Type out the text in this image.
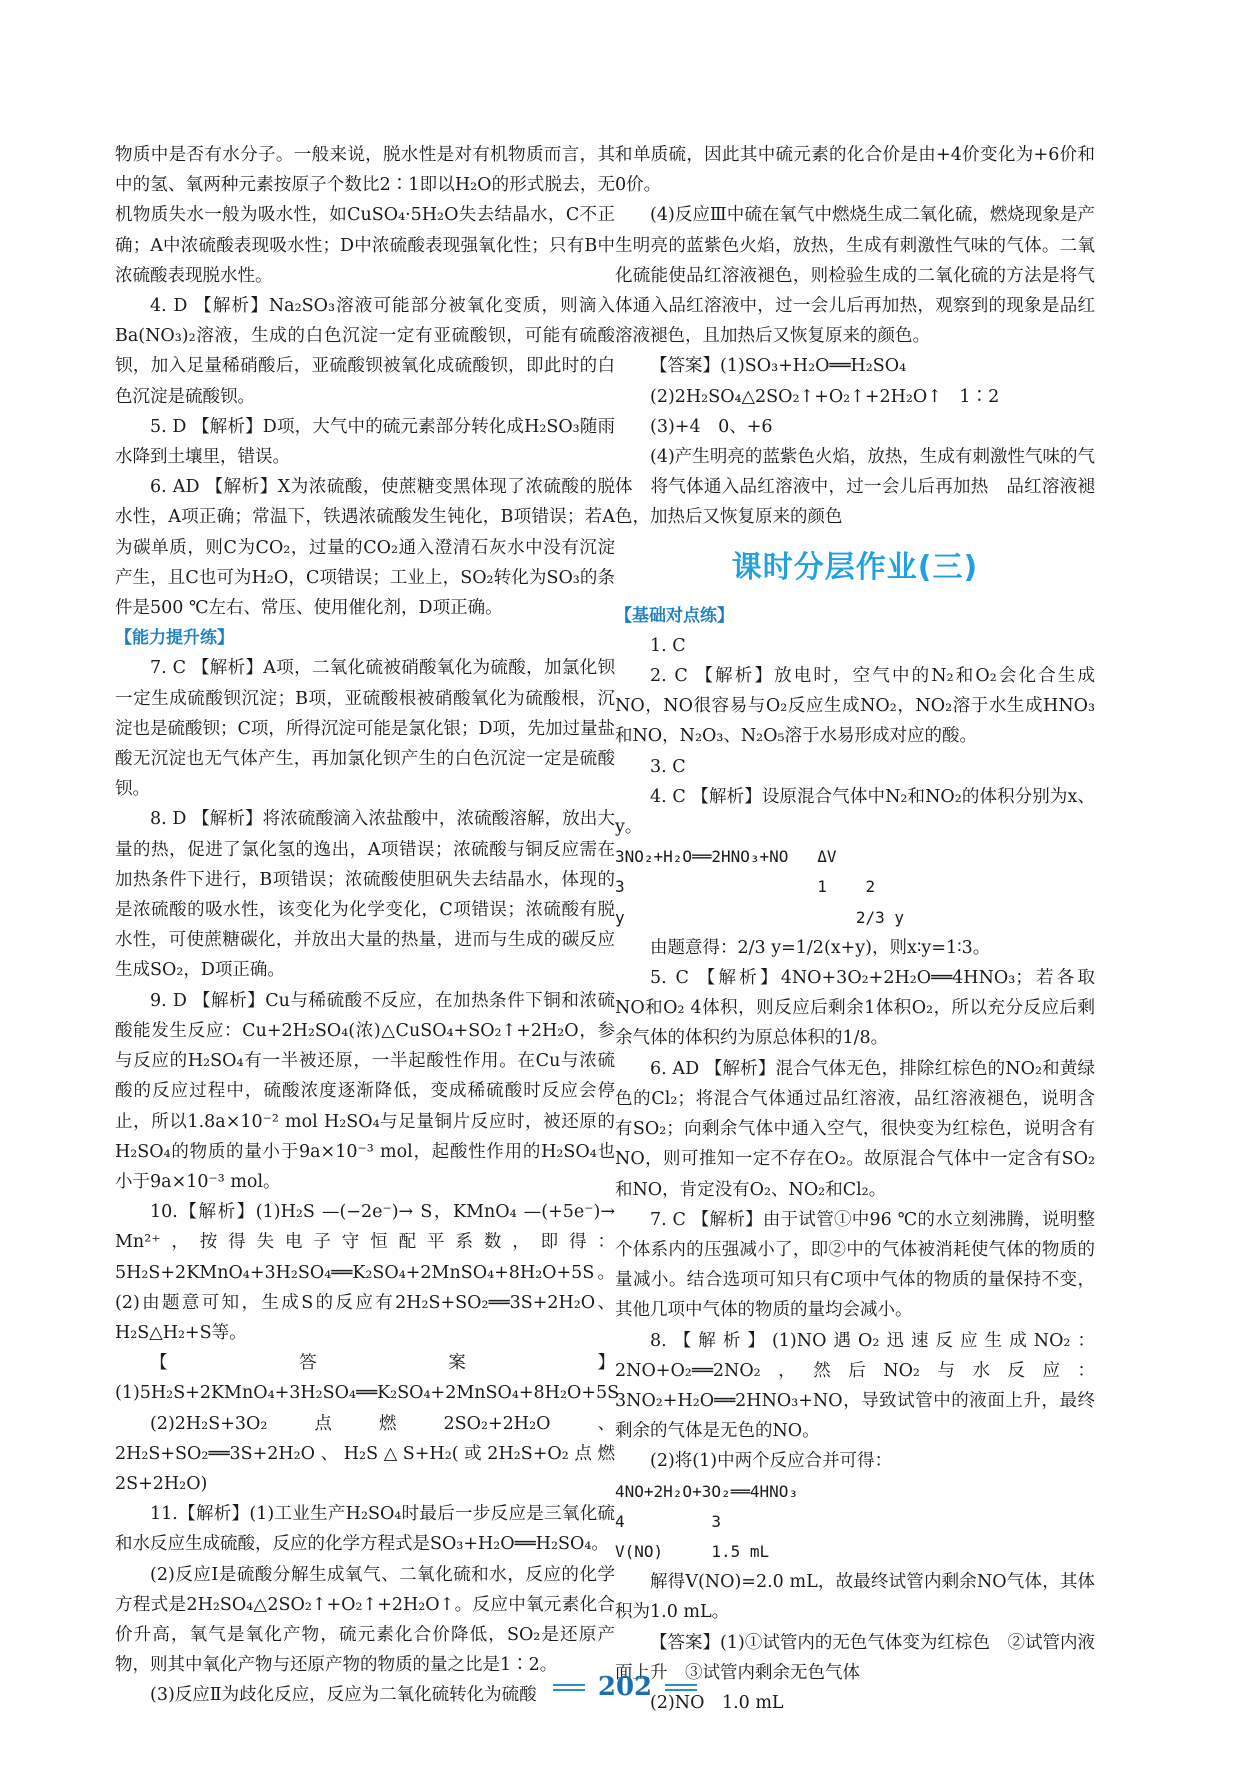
物质中是否有水分子。一般来说，脱水性是对有机物质而言，其中的氢、氧两种元素按原子个数比2∶1即以H₂O的形式脱去，无机物质失水一般为吸水性，如CuSO₄·5H₂O失去结晶水，C不正确；A中浓硫酸表现吸水性；D中浓硫酸表现强氧化性；只有B中浓硫酸表现脱水性。

4. D 【解析】Na₂SO₃溶液可能部分被氧化变质，则滴入Ba(NO₃)₂溶液，生成的白色沉淀一定有亚硫酸钡，可能有硫酸钡，加入足量稀硝酸后，亚硫酸钡被氧化成硫酸钡，即此时的白色沉淀是硫酸钡。

5. D 【解析】D项，大气中的硫元素部分转化成H₂SO₃随雨水降到土壤里，错误。

6. AD 【解析】X为浓硫酸，使蔗糖变黑体现了浓硫酸的脱水性，A项正确；常温下，铁遇浓硫酸发生钝化，B项错误；若A为碳单质，则C为CO₂，过量的CO₂通入澄清石灰水中没有沉淀产生，且C也可为H₂O，C项错误；工业上，SO₂转化为SO₃的条件是500 ℃左右、常压、使用催化剂，D项正确。

【能力提升练】

7. C 【解析】A项，二氧化硫被硝酸氧化为硫酸，加氯化钡一定生成硫酸钡沉淀；B项，亚硫酸根被硝酸氧化为硫酸根，沉淀也是硫酸钡；C项，所得沉淀可能是氯化银；D项，先加过量盐酸无沉淀也无气体产生，再加氯化钡产生的白色沉淀一定是硫酸钡。

8. D 【解析】将浓硫酸滴入浓盐酸中，浓硫酸溶解，放出大量的热，促进了氯化氢的逸出，A项错误；浓硫酸与铜反应需在加热条件下进行，B项错误；浓硫酸使胆矾失去结晶水，体现的是浓硫酸的吸水性，该变化为化学变化，C项错误；浓硫酸有脱水性，可使蔗糖碳化，并放出大量的热量，进而与生成的碳反应生成SO₂，D项正确。

9. D 【解析】Cu与稀硫酸不反应，在加热条件下铜和浓硫酸能发生反应：Cu+2H₂SO₄(浓)△CuSO₄+SO₂↑+2H₂O，参与反应的H₂SO₄有一半被还原，一半起酸性作用。在Cu与浓硫酸的反应过程中，硫酸浓度逐渐降低，变成稀硫酸时反应会停止，所以1.8a×10⁻² mol H₂SO₄与足量铜片反应时，被还原的H₂SO₄的物质的量小于9a×10⁻³ mol，起酸性作用的H₂SO₄也小于9a×10⁻³ mol。

10.【解析】(1)H₂S —(−2e⁻)→ S，KMnO₄ —(+5e⁻)→ Mn²⁺，按得失电子守恒配平系数，即得：5H₂S+2KMnO₄+3H₂SO₄══K₂SO₄+2MnSO₄+8H₂O+5S。(2)由题意可知，生成S的反应有2H₂S+SO₂══3S+2H₂O、H₂S△H₂+S等。

【答案】(1)5H₂S+2KMnO₄+3H₂SO₄══K₂SO₄+2MnSO₄+8H₂O+5S

(2)2H₂S+3O₂点燃2SO₂+2H₂O、2H₂S+SO₂══3S+2H₂O、H₂S△S+H₂(或2H₂S+O₂点燃2S+2H₂O)

11.【解析】(1)工业生产H₂SO₄时最后一步反应是三氧化硫和水反应生成硫酸，反应的化学方程式是SO₃+H₂O══H₂SO₄。

(2)反应Ⅰ是硫酸分解生成氧气、二氧化硫和水，反应的化学方程式是2H₂SO₄△2SO₂↑+O₂↑+2H₂O↑。反应中氧元素化合价升高，氧气是氧化产物，硫元素化合价降低，SO₂是还原产物，则其中氧化产物与还原产物的物质的量之比是1∶2。

(3)反应Ⅱ为歧化反应，反应为二氧化硫转化为硫酸

和单质硫，因此其中硫元素的化合价是由+4价变化为+6价和0价。

(4)反应Ⅲ中硫在氧气中燃烧生成二氧化硫，燃烧现象是产生明亮的蓝紫色火焰，放热，生成有刺激性气味的气体。二氧化硫能使品红溶液褪色，则检验生成的二氧化硫的方法是将气体通入品红溶液中，过一会儿后再加热，观察到的现象是品红溶液褪色，且加热后又恢复原来的颜色。

【答案】(1)SO₃+H₂O══H₂SO₄

(2)2H₂SO₄△2SO₂↑+O₂↑+2H₂O↑　1∶2

(3)+4　0、+6

(4)产生明亮的蓝紫色火焰，放热，生成有刺激性气味的气体　将气体通入品红溶液中，过一会儿后再加热　品红溶液褪色，加热后又恢复原来的颜色

课时分层作业(三)

【基础对点练】

1. C

2. C 【解析】放电时，空气中的N₂和O₂会化合生成NO，NO很容易与O₂反应生成NO₂，NO₂溶于水生成HNO₃和NO，N₂O₃、N₂O₅溶于水易形成对应的酸。

3. C

4. C 【解析】设原混合气体中N₂和NO₂的体积分别为x、y。

3NO₂+H₂O══2HNO₃+NO   ΔV

3                    1    2

y                        2/3 y

由题意得：2/3 y=1/2(x+y)，则x∶y=1∶3。

5. C 【解析】4NO+3O₂+2H₂O══4HNO₃；若各取NO和O₂ 4体积，则反应后剩余1体积O₂，所以充分反应后剩余气体的体积约为原总体积的1/8。

6. AD 【解析】混合气体无色，排除红棕色的NO₂和黄绿色的Cl₂；将混合气体通过品红溶液，品红溶液褪色，说明含有SO₂；向剩余气体中通入空气，很快变为红棕色，说明含有NO，则可推知一定不存在O₂。故原混合气体中一定含有SO₂和NO，肯定没有O₂、NO₂和Cl₂。

7. C 【解析】由于试管①中96 ℃的水立刻沸腾，说明整个体系内的压强减小了，即②中的气体被消耗使气体的物质的量减小。结合选项可知只有C项中气体的物质的量保持不变，其他几项中气体的物质的量均会减小。

8.【解析】(1)NO遇O₂迅速反应生成NO₂：2NO+O₂══2NO₂，然后NO₂与水反应：3NO₂+H₂O══2HNO₃+NO，导致试管中的液面上升，最终剩余的气体是无色的NO。

(2)将(1)中两个反应合并可得：

4NO+2H₂O+3O₂══4HNO₃

4         3

V(NO)     1.5 mL

解得V(NO)=2.0 mL，故最终试管内剩余NO气体，其体积为1.0 mL。

【答案】(1)①试管内的无色气体变为红棕色　②试管内液面上升　③试管内剩余无色气体

(2)NO　1.0 mL

202
